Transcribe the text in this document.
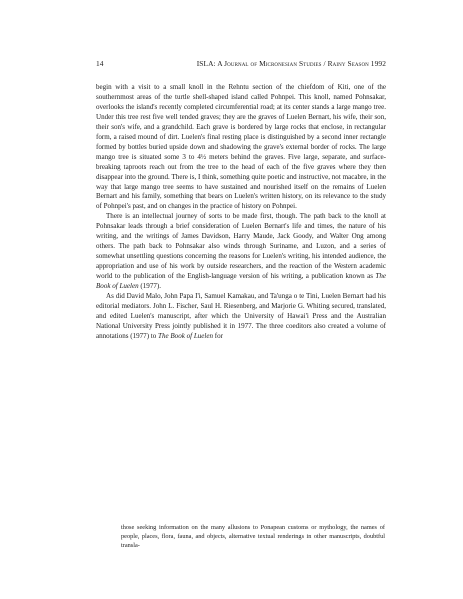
14	ISLA: A Journal of Micronesian Studies / Rainy Season 1992

begin with a visit to a small knoll in the Rehntu section of the chiefdom of Kiti, one of the southernmost areas of the turtle shell-shaped island called Pohnpei. This knoll, named Pohnsakar, overlooks the island's recently completed circumferential road; at its center stands a large mango tree. Under this tree rest five well tended graves; they are the graves of Luelen Bernart, his wife, their son, their son's wife, and a grandchild. Each grave is bordered by large rocks that enclose, in rectangular form, a raised mound of dirt. Luelen's final resting place is distinguished by a second inner rectangle formed by bottles buried upside down and shadowing the grave's external border of rocks. The large mango tree is situated some 3 to 4½ meters behind the graves. Five large, separate, and surface-breaking taproots reach out from the tree to the head of each of the five graves where they then disappear into the ground. There is, I think, something quite poetic and instructive, not macabre, in the way that large mango tree seems to have sustained and nourished itself on the remains of Luelen Bernart and his family, something that bears on Luelen's written history, on its relevance to the study of Pohnpei's past, and on changes in the practice of history on Pohnpei.

There is an intellectual journey of sorts to be made first, though. The path back to the knoll at Pohnsakar leads through a brief consideration of Luelen Bernart's life and times, the nature of his writing, and the writings of James Davidson, Harry Maude, Jack Goody, and Walter Ong among others. The path back to Pohnsakar also winds through Suriname, and Luzon, and a series of somewhat unsettling questions concerning the reasons for Luelen's writing, his intended audience, the appropriation and use of his work by outside researchers, and the reaction of the Western academic world to the publication of the English-language version of his writing, a publication known as The Book of Luelen (1977).

As did David Malo, John Papa I'i, Samuel Kamakau, and Ta'unga o te Tini, Luelen Bernart had his editorial mediators. John L. Fischer, Saul H. Riesenberg, and Marjorie G. Whiting secured, translated, and edited Luelen's manuscript, after which the University of Hawai'i Press and the Australian National University Press jointly published it in 1977. The three coeditors also created a volume of annotations (1977) to The Book of Luelen for

those seeking information on the many allusions to Ponapean customs or mythology, the names of people, places, flora, fauna, and objects, alternative textual renderings in other manuscripts, doubtful transla-
